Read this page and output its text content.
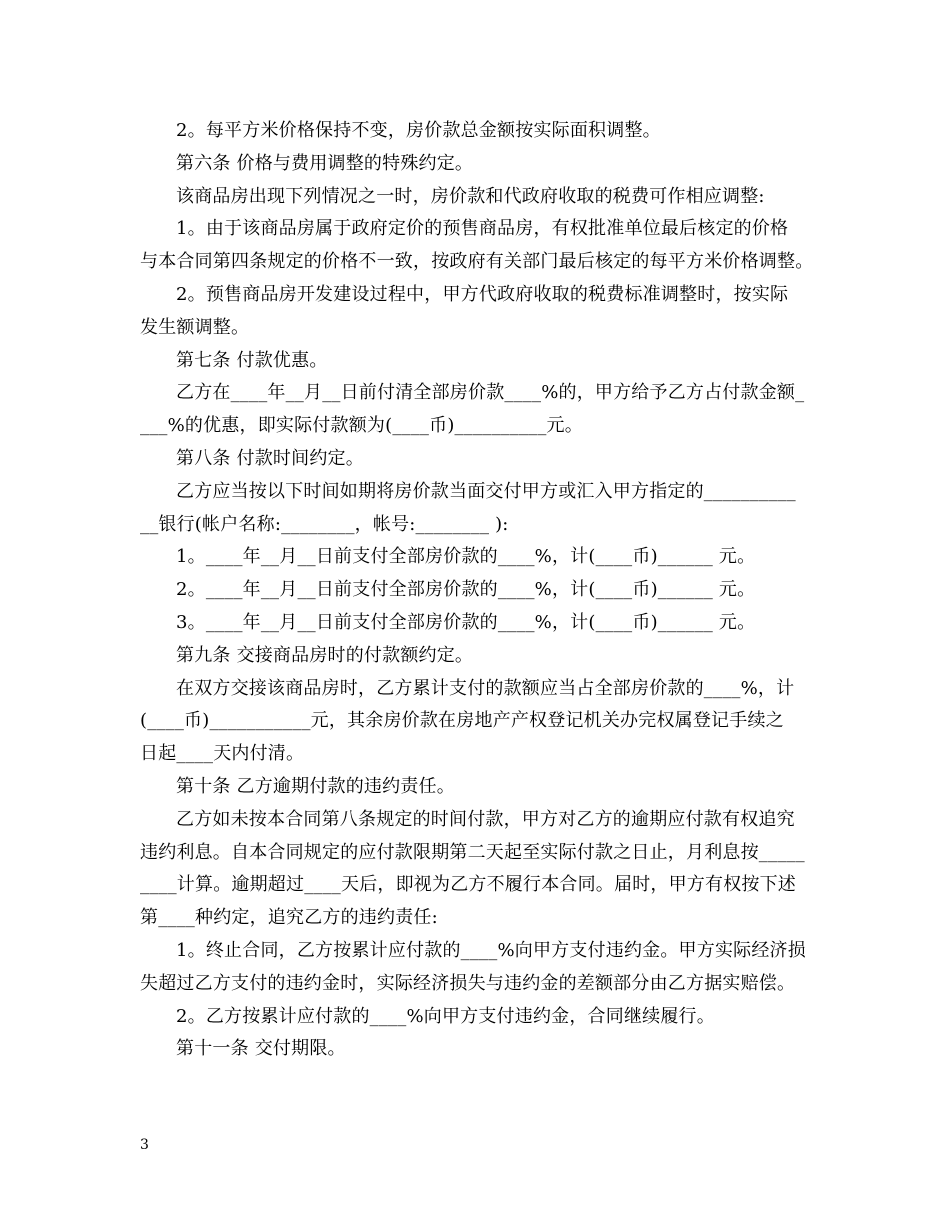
2。每平方米价格保持不变，房价款总金额按实际面积调整。
第六条 价格与费用调整的特殊约定。
该商品房出现下列情况之一时，房价款和代政府收取的税费可作相应调整:
1。由于该商品房属于政府定价的预售商品房，有权批准单位最后核定的价格
与本合同第四条规定的价格不一致，按政府有关部门最后核定的每平方米价格调整。
2。预售商品房开发建设过程中，甲方代政府收取的税费标准调整时，按实际
发生额调整。
第七条 付款优惠。
乙方在____年__月__日前付清全部房价款____%的，甲方给予乙方占付款金额_
___%的优惠，即实际付款额为(____币)__________元。
第八条 付款时间约定。
乙方应当按以下时间如期将房价款当面交付甲方或汇入甲方指定的__________
__银行(帐户名称:________，帐号:________ ):
1。____年__月__日前支付全部房价款的____%，计(____币)______ 元。
2。____年__月__日前支付全部房价款的____%，计(____币)______ 元。
3。____年__月__日前支付全部房价款的____%，计(____币)______ 元。
第九条 交接商品房时的付款额约定。
在双方交接该商品房时，乙方累计支付的款额应当占全部房价款的____%，计
(____币)___________元，其余房价款在房地产产权登记机关办完权属登记手续之
日起____天内付清。
第十条 乙方逾期付款的违约责任。
乙方如未按本合同第八条规定的时间付款，甲方对乙方的逾期应付款有权追究
违约利息。自本合同规定的应付款限期第二天起至实际付款之日止，月利息按_____
____计算。逾期超过____天后，即视为乙方不履行本合同。届时，甲方有权按下述
第____种约定，追究乙方的违约责任:
1。终止合同，乙方按累计应付款的____%向甲方支付违约金。甲方实际经济损
失超过乙方支付的违约金时，实际经济损失与违约金的差额部分由乙方据实赔偿。
2。乙方按累计应付款的____%向甲方支付违约金，合同继续履行。
第十一条 交付期限。
3
